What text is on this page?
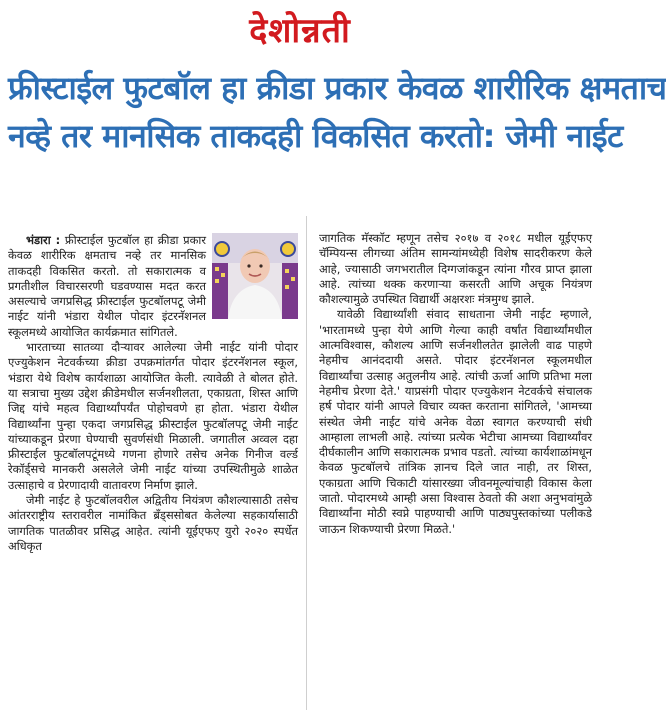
देशोन्नती
फ्रीस्टाईल फुटबॉल हा क्रीडा प्रकार केवळ शारीरिक क्षमताच
नव्हे तर मानसिक ताकदही विकसित करतो: जेमी नाईट

भंडारा : फ्रीस्टाईल फुटबॉल हा क्रीडा प्रकार केवळ शारीरिक क्षमताच नव्हे तर मानसिक ताकदही विकसित करतो. तो सकारात्मक व प्रगतीशील विचारसरणी घडवण्यास मदत करत असल्याचे जगप्रसिद्ध फ्रीस्टाईल फुटबॉलपटू जेमी नाईट यांनी भंडारा येथील पोदार इंटरनॅशनल स्कूलमध्ये आयोजित कार्यक्रमात सांगितले.

भारताच्या सातव्या दौऱ्यावर आलेल्या जेमी नाईट यांनी पोदार एज्युकेशन नेटवर्कच्या क्रीडा उपक्रमांतर्गत पोदार इंटरनॅशनल स्कूल, भंडारा येथे विशेष कार्यशाळा आयोजित केली. त्यावेळी ते बोलत होते. या सत्राचा मुख्य उद्देश क्रीडेमधील सर्जनशीलता, एकाग्रता, शिस्त आणि जिद्द यांचे महत्व विद्यार्थ्यांपर्यंत पोहोचवणे हा होता. भंडारा येथील विद्यार्थ्यांना पुन्हा एकदा जगप्रसिद्ध फ्रीस्टाईल फुटबॉलपटू जेमी नाईट यांच्याकडून प्रेरणा घेण्याची सुवर्णसंधी मिळाली. जगातील अव्वल दहा फ्रीस्टाईल फुटबॉलपटूंमध्ये गणना होणारे तसेच अनेक गिनीज वर्ल्ड रेकॉर्ड्सचे मानकरी असलेले जेमी नाईट यांच्या उपस्थितीमुळे शाळेत उत्साहाचे व प्रेरणादायी वातावरण निर्माण झाले.

जेमी नाईट हे फुटबॉलवरील अद्वितीय नियंत्रण कौशल्यासाठी तसेच आंतरराष्ट्रीय स्तरावरील नामांकित ब्रँड्ससोबत केलेल्या सहकार्यासाठी जागतिक पातळीवर प्रसिद्ध आहेत. त्यांनी यूईएफए युरो २०२० स्पर्धेत अधिकृत

जागतिक मॅस्कॉट म्हणून तसेच २०१७ व २०१८ मधील यूईएफए चॅम्पियन्स लीगच्या अंतिम सामन्यांमध्येही विशेष सादरीकरण केले आहे, ज्यासाठी जगभरातील दिग्गजांकडून त्यांना गौरव प्राप्त झाला आहे. त्यांच्या थक्क करणाऱ्या कसरती आणि अचूक नियंत्रण कौशल्यामुळे उपस्थित विद्यार्थी अक्षरशः मंत्रमुग्ध झाले.

यावेळी विद्यार्थ्यांशी संवाद साधताना जेमी नाईट म्हणाले, 'भारतामध्ये पुन्हा येणे आणि गेल्या काही वर्षांत विद्यार्थ्यांमधील आत्मविश्वास, कौशल्य आणि सर्जनशीलतेत झालेली वाढ पाहणे नेहमीच आनंददायी असते. पोदार इंटरनॅशनल स्कूलमधील विद्यार्थ्यांचा उत्साह अतुलनीय आहे. त्यांची ऊर्जा आणि प्रतिभा मला नेहमीच प्रेरणा देते.' याप्रसंगी पोदार एज्युकेशन नेटवर्कचे संचालक हर्ष पोदार यांनी आपले विचार व्यक्त करताना सांगितले, 'आमच्या संस्थेत जेमी नाईट यांचे अनेक वेळा स्वागत करण्याची संधी आम्हाला लाभली आहे. त्यांच्या प्रत्येक भेटीचा आमच्या विद्यार्थ्यांवर दीर्घकालीन आणि सकारात्मक प्रभाव पडतो. त्यांच्या कार्यशाळांमधून केवळ फुटबॉलचे तांत्रिक ज्ञानच दिले जात नाही, तर शिस्त, एकाग्रता आणि चिकाटी यांसारख्या जीवनमूल्यांचाही विकास केला जातो. पोदारमध्ये आम्ही असा विश्वास ठेवतो की अशा अनुभवांमुळे विद्यार्थ्यांना मोठी स्वप्ने पाहण्याची आणि पाठ्यपुस्तकांच्या पलीकडे जाऊन शिकण्याची प्रेरणा मिळते.'
